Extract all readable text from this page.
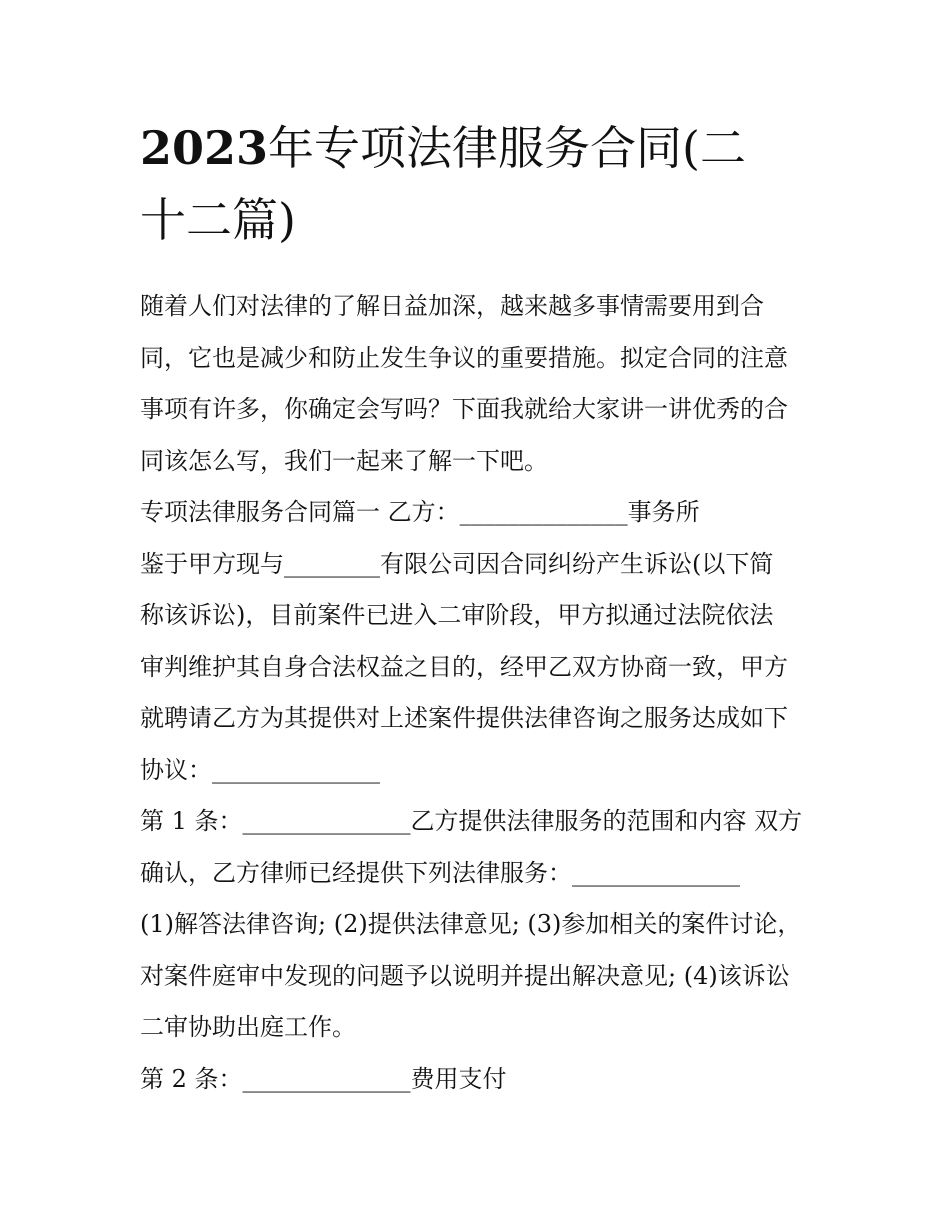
2023年专项法律服务合同(二
十二篇)
随着人们对法律的了解日益加深，越来越多事情需要用到合
同，它也是减少和防止发生争议的重要措施。拟定合同的注意
事项有许多，你确定会写吗？下面我就给大家讲一讲优秀的合
同该怎么写，我们一起来了解一下吧。
专项法律服务合同篇一 乙方：______________事务所
鉴于甲方现与________有限公司因合同纠纷产生诉讼(以下简
称该诉讼)，目前案件已进入二审阶段，甲方拟通过法院依法
审判维护其自身合法权益之目的，经甲乙双方协商一致，甲方
就聘请乙方为其提供对上述案件提供法律咨询之服务达成如下
协议：______________
第 1 条：______________乙方提供法律服务的范围和内容 双方
确认，乙方律师已经提供下列法律服务：______________
(1)解答法律咨询; (2)提供法律意见; (3)参加相关的案件讨论，
对案件庭审中发现的问题予以说明并提出解决意见; (4)该诉讼
二审协助出庭工作。
第 2 条：______________费用支付
